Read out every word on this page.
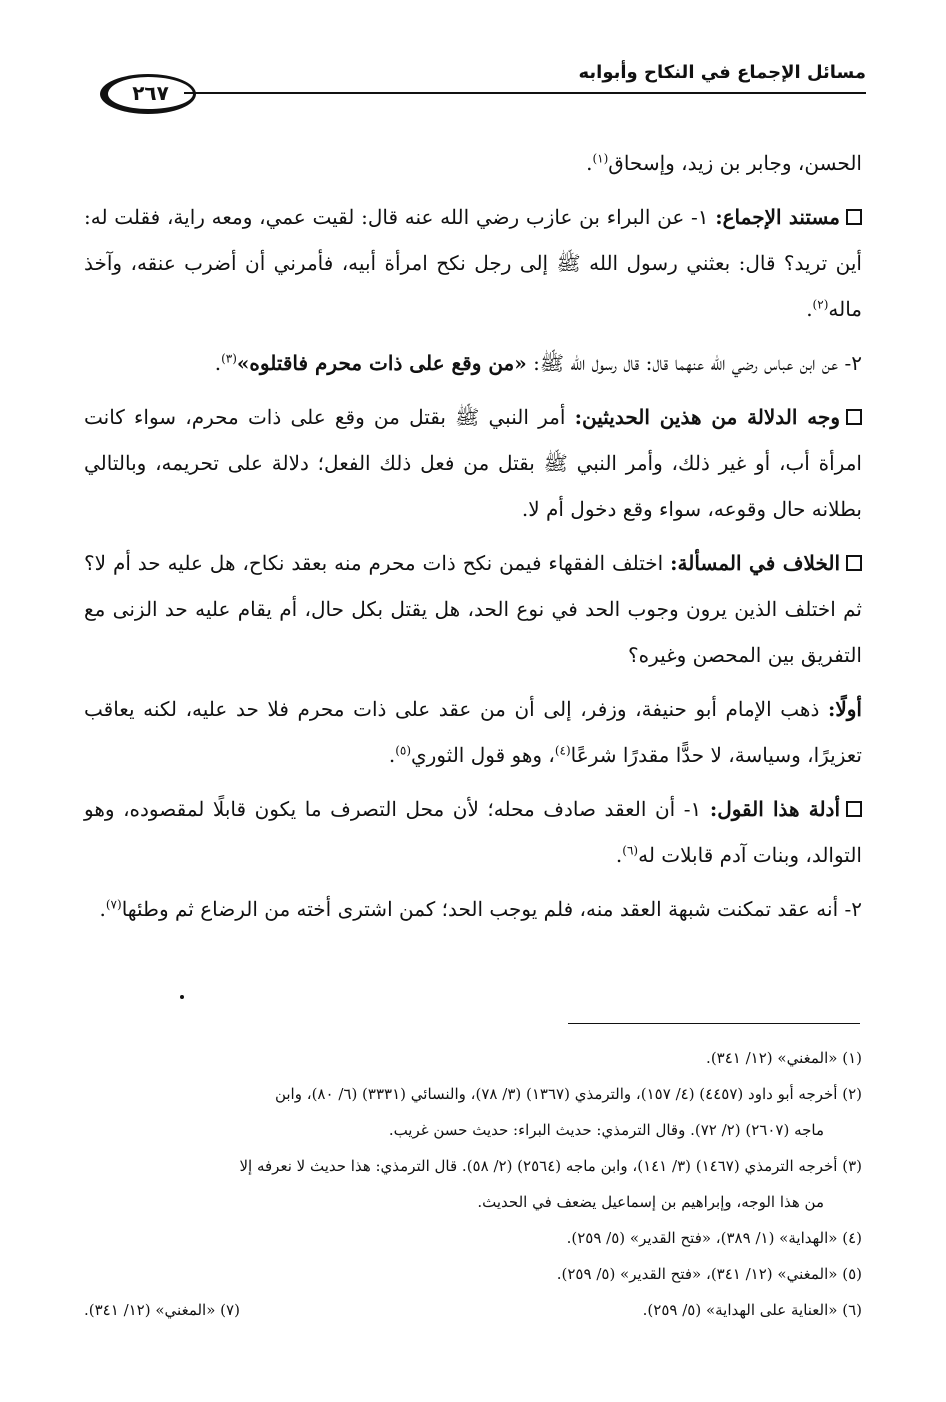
مسائل الإجماع في النكاح وأبوابه
٢٦٧

الحسن، وجابر بن زيد، وإسحاق$^{(١)}$.

مستند الإجماع: ١- عن البراء بن عازب رضي الله عنه قال: لقيت عمي، ومعه راية، فقلت له: أين تريد؟ قال: بعثني رسول الله ﷺ إلى رجل نكح امرأة أبيه، فأمرني أن أضرب عنقه، وآخذ ماله$^{(٢)}$.

٢- عن ابن عباس رضي الله عنهما قال: قال رسول الله ﷺ: «من وقع على ذات محرم فاقتلوه»$^{(٣)}$.

وجه الدلالة من هذين الحديثين: أمر النبي ﷺ بقتل من وقع على ذات محرم، سواء كانت امرأة أب، أو غير ذلك، وأمر النبي ﷺ بقتل من فعل ذلك الفعل؛ دلالة على تحريمه، وبالتالي بطلانه حال وقوعه، سواء وقع دخول أم لا.

الخلاف في المسألة: اختلف الفقهاء فيمن نكح ذات محرم منه بعقد نكاح، هل عليه حد أم لا؟ ثم اختلف الذين يرون وجوب الحد في نوع الحد، هل يقتل بكل حال، أم يقام عليه حد الزنى مع التفريق بين المحصن وغيره؟

أولًا: ذهب الإمام أبو حنيفة، وزفر، إلى أن من عقد على ذات محرم فلا حد عليه، لكنه يعاقب تعزيرًا، وسياسة، لا حدًّا مقدرًا شرعًا$^{(٤)}$، وهو قول الثوري$^{(٥)}$.

أدلة هذا القول: ١- أن العقد صادف محله؛ لأن محل التصرف ما يكون قابلًا لمقصوده، وهو التوالد، وبنات آدم قابلات له$^{(٦)}$.

٢- أنه عقد تمكنت شبهة العقد منه، فلم يوجب الحد؛ كمن اشترى أخته من الرضاع ثم وطئها$^{(٧)}$.

(١) «المغني» (١٢/ ٣٤١).

(٢) أخرجه أبو داود (٤٤٥٧) (٤/ ١٥٧)، والترمذي (١٣٦٧) (٣/ ٧٨)، والنسائي (٣٣٣١) (٦/ ٨٠)، وابن

ماجه (٢٦٠٧) (٢/ ٧٢). وقال الترمذي: حديث البراء: حديث حسن غريب.

(٣) أخرجه الترمذي (١٤٦٧) (٣/ ١٤١)، وابن ماجه (٢٥٦٤) (٢/ ٥٨). قال الترمذي: هذا حديث لا نعرفه إلا

من هذا الوجه، وإبراهيم بن إسماعيل يضعف في الحديث.

(٤) «الهداية» (١/ ٣٨٩)، «فتح القدير» (٥/ ٢٥٩).

(٥) «المغني» (١٢/ ٣٤١)، «فتح القدير» (٥/ ٢٥٩).

(٦) «العناية على الهداية» (٥/ ٢٥٩).
(٧) «المغني» (١٢/ ٣٤١).
